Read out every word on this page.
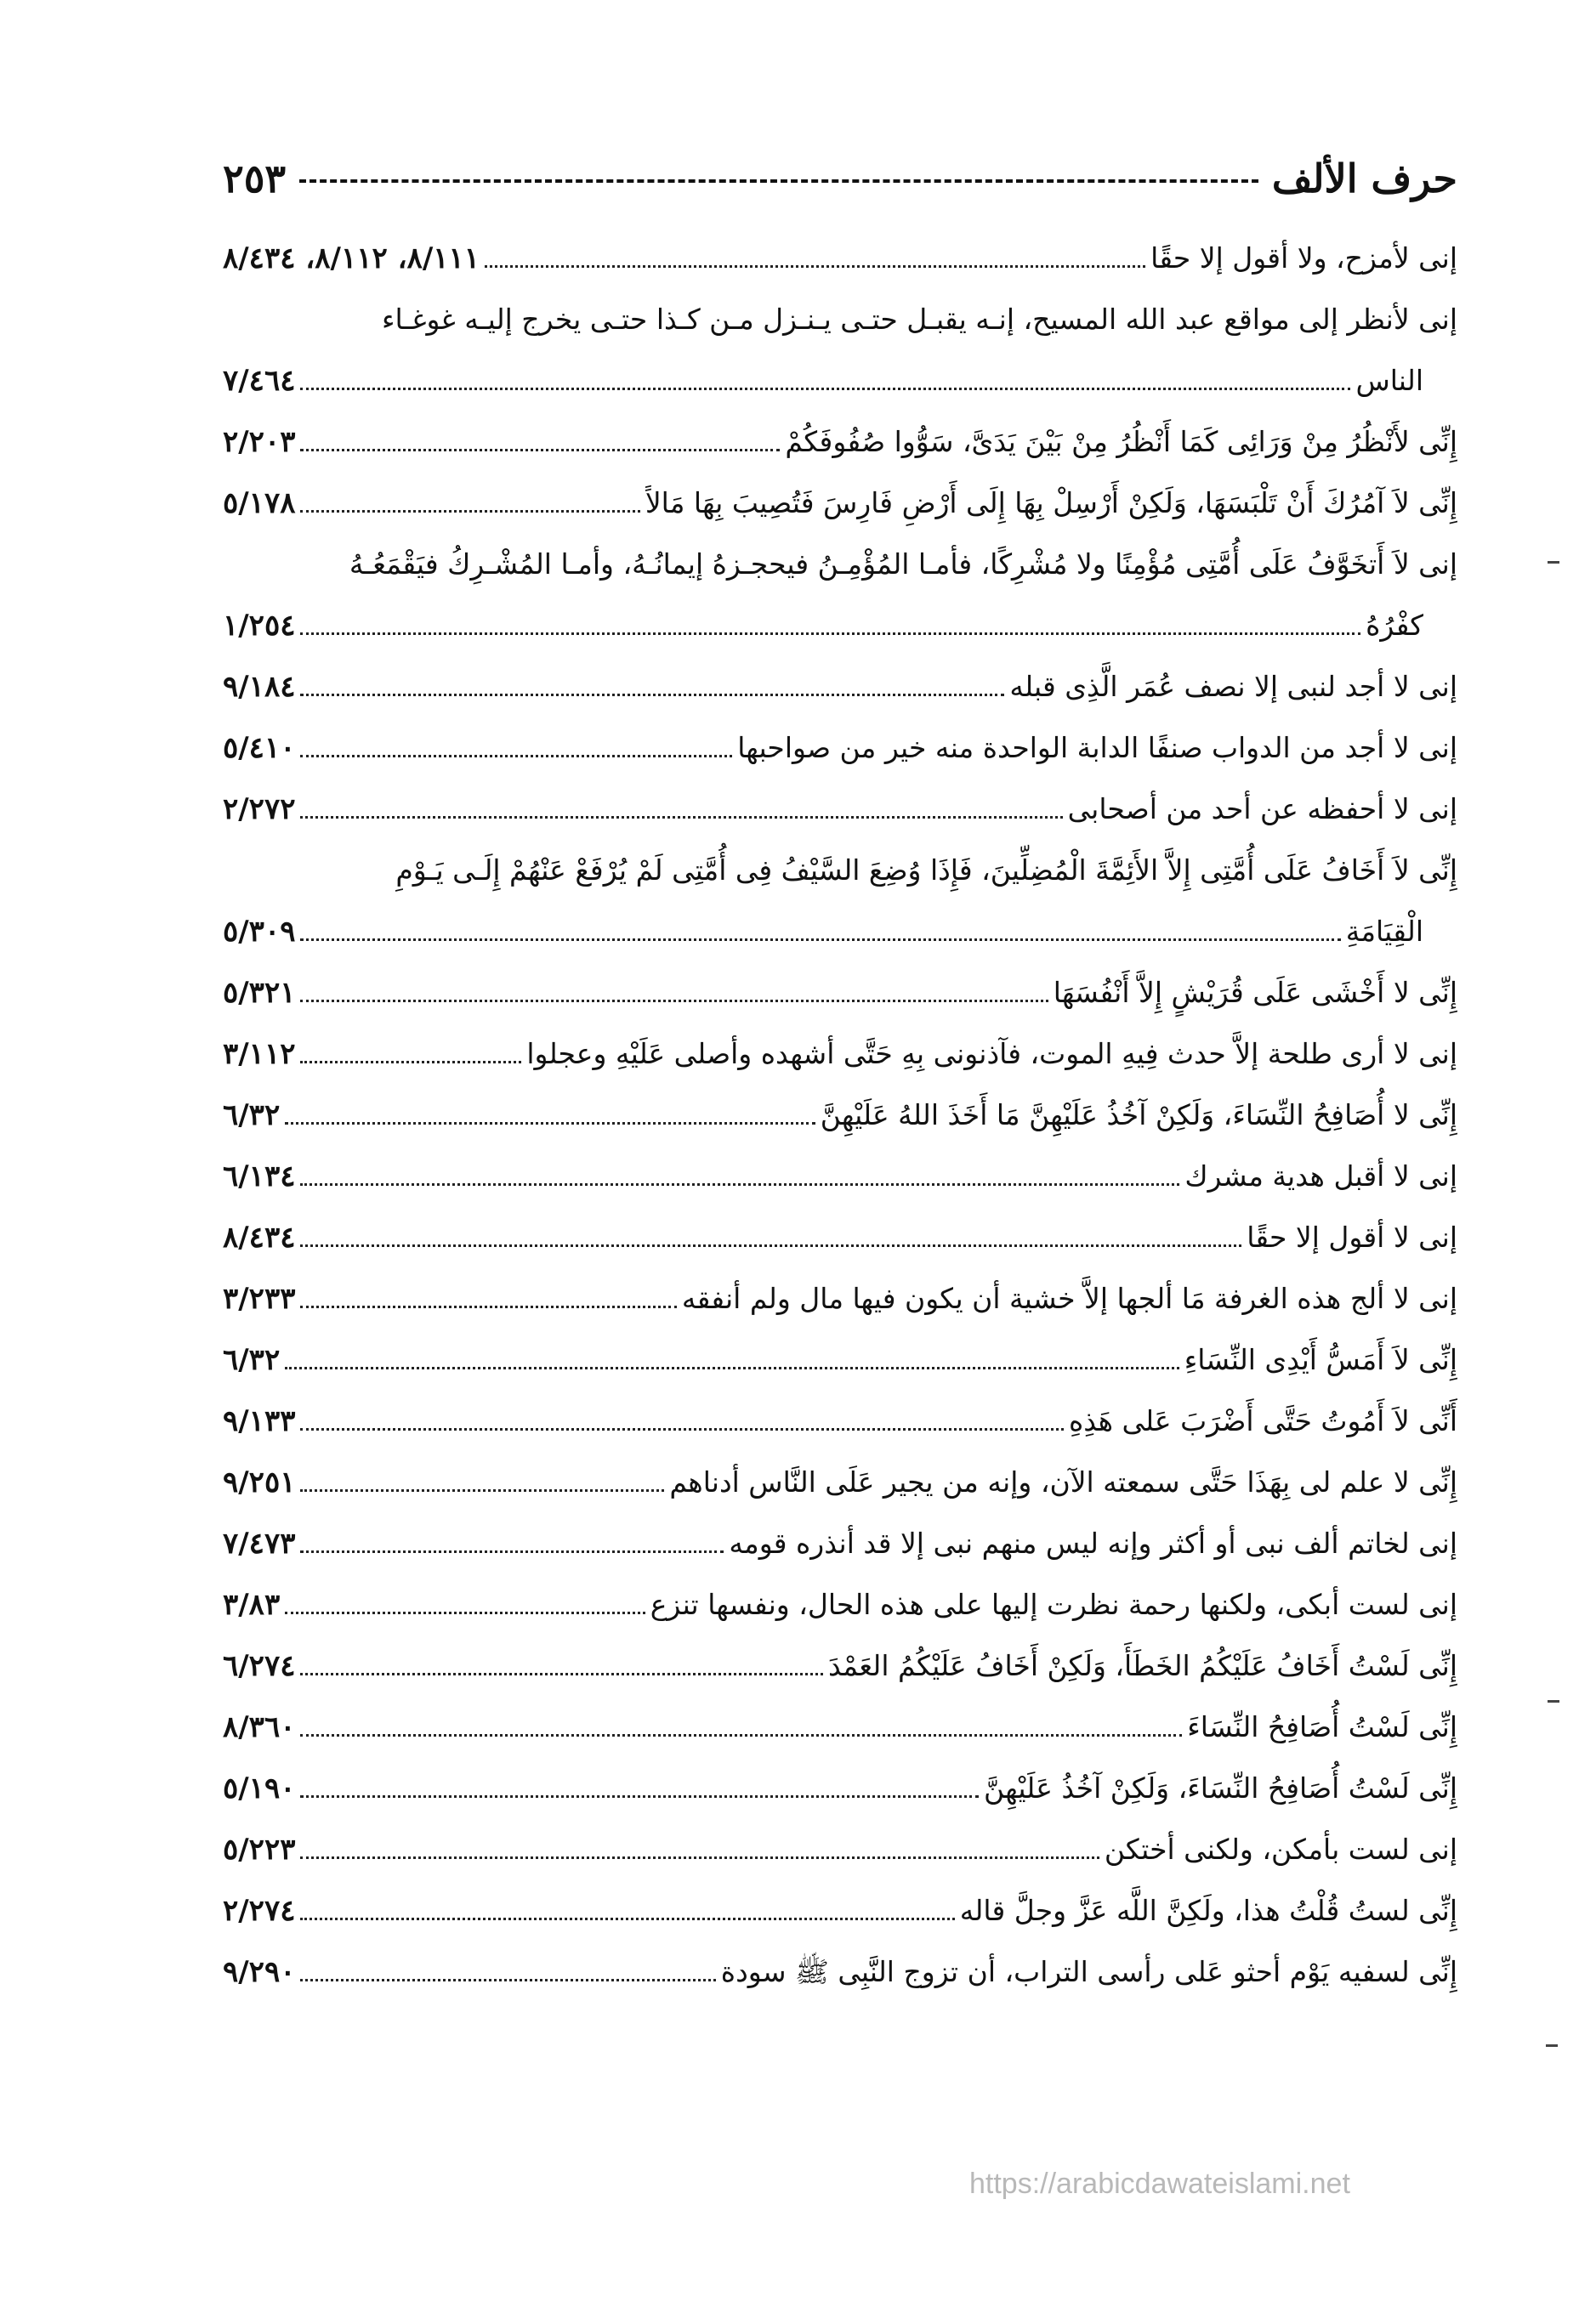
حرف الألف
٢٥٣
إنى لأمزح، ولا أقول إلا حقًا
٨/١١١، ٨/١١٢، ٨/٤٣٤
إنى لأنظر إلى مواقع عبد الله المسيح، إنـه يقبـل حتـى يـنـزل مـن كـذا حتـى يخرج إليـه غوغـاء
الناس
٧/٤٦٤
إِنِّى لأَنْظُرُ مِنْ وَرَائِى كَمَا أَنْظُرُ مِنْ بَيْنَ يَدَىَّ، سَوُّوا صُفُوفَكُمْ
٢/٢٠٣
إِنِّى لاَ آمُرُكَ أَنْ تَلْبَسَهَا، وَلَكِنْ أَرْسِلْ بِهَا إِلَى أَرْضِ فَارِسَ فَتُصِيبَ بِهَا مَالاً
٥/١٧٨
إنى لاَ أَتخَوَّفُ عَلَى أُمَّتِى مُؤْمِنًا ولا مُشْرِكًا، فأمـا المُؤْمِـنُ فيحجـزهُ إيمانُـهُ، وأمـا المُشْـرِكُ فيَقْمَعُـهُ
كفْرُهُ
١/٢٥٤
إنى لا أجد لنبى إلا نصف عُمَر الَّذِى قبله
٩/١٨٤
إنى لا أجد من الدواب صنفًا الدابة الواحدة منه خير من صواحبها
٥/٤١٠
إنى لا أحفظه عن أحد من أصحابى
٢/٢٧٢
إِنِّى لاَ أَخَافُ عَلَى أُمَّتِى إِلاَّ الأَئِمَّةَ الْمُضِلِّينَ، فَإِذَا وُضِعَ السَّيْفُ فِى أُمَّتِى لَمْ يُرْفَعْ عَنْهُمْ إِلَـى يَـوْمِ
الْقِيَامَةِ
٥/٣٠٩
إِنِّى لا أَخْشَى عَلَى قُرَيْشٍ إِلاَّ أَنْفُسَهَا
٥/٣٢١
إنى لا أرى طلحة إلاَّ حدث فِيهِ الموت، فآذنونى بِهِ حَتَّى أشهده وأصلى عَلَيْهِ وعجلوا
٣/١١٢
إِنِّى لا أُصَافِحُ النِّسَاءَ، وَلَكِنْ آخُذُ عَلَيْهِنَّ مَا أَخَذَ اللهُ عَلَيْهِنَّ
٦/٣٢
إنى لا أقبل هدية مشرك
٦/١٣٤
إنى لا أقول إلا حقًا
٨/٤٣٤
إنى لا ألج هذه الغرفة مَا ألجها إلاَّ خشية أن يكون فيها مال ولم أنفقه
٣/٢٣٣
إِنِّى لاَ أَمَسُّ أَيْدِى النِّسَاءِ
٦/٣٢
أَنِّى لاَ أَمُوتُ حَتَّى أَضْرَبَ عَلى هَذِهِ
٩/١٣٣
إِنِّى لا علم لى بِهَذَا حَتَّى سمعته الآن، وإنه من يجير عَلَى النَّاس أدناهم
٩/٢٥١
إنى لخاتم ألف نبى أو أكثر وإنه ليس منهم نبى إلا قد أنذره قومه
٧/٤٧٣
إنى لست أبكى، ولكنها رحمة نظرت إليها على هذه الحال، ونفسها تنزع
٣/٨٣
إِنِّى لَسْتُ أَخَافُ عَلَيْكُمُ الخَطَأَ، وَلَكِنْ أَخَافُ عَلَيْكُمُ العَمْدَ
٦/٢٧٤
إِنِّى لَسْتُ أُصَافِحُ النِّسَاءَ
٨/٣٦٠
إِنِّى لَسْتُ أُصَافِحُ النِّسَاءَ، وَلَكِنْ آخُذُ عَلَيْهِنَّ
٥/١٩٠
إنى لست بأمكن، ولكنى أختكن
٥/٢٢٣
إِنِّى لستُ قُلْتُ هذا، ولَكِنَّ اللَّه عَزَّ وجلَّ قاله
٢/٢٧٤
إِنِّى لسفيه يَوْم أحثو عَلى رأسى التراب، أن تزوج النَّبِى ﷺ سودة
٩/٢٩٠
https://arabicdawateislami.net
